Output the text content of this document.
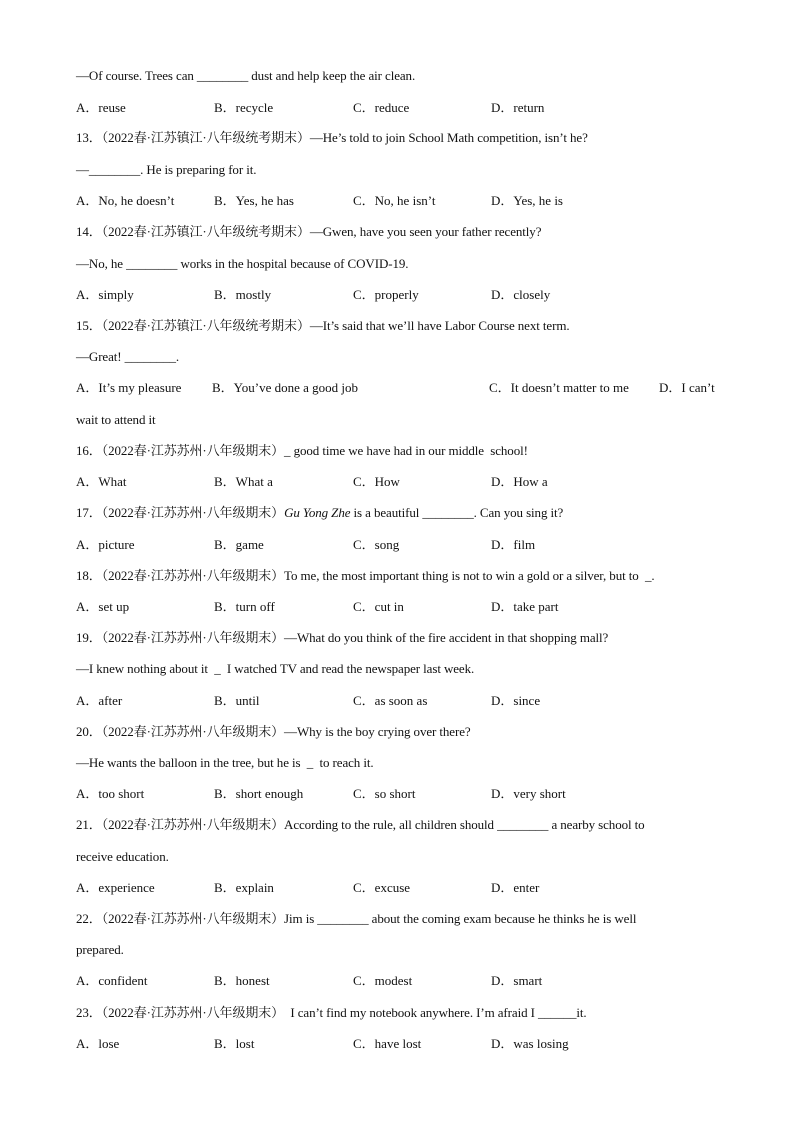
—Of course. Trees can ________ dust and help keep the air clean.
A．reuse	B．recycle	C．reduce	D．return
13．（2022春·江苏镇江·八年级统考期末）—He’s told to join School Math competition, isn’t he?
—________. He is preparing for it.
A．No, he doesn’t	B．Yes, he has	C．No, he isn’t	D．Yes, he is
14．（2022春·江苏镇江·八年级统考期末）—Gwen, have you seen your father recently?
—No, he ________ works in the hospital because of COVID-19.
A．simply	B．mostly	C．properly	D．closely
15．（2022春·江苏镇江·八年级统考期末）—It’s said that we’ll have Labor Course next term.
—Great! ________.
A．It’s my pleasure B．You’ve done a good job	C．It doesn’t matter to me D．I can’t
wait to attend it
16．（2022春·江苏苏州·八年级期末）_ good time we have had in our middle  school!
A．What	B．What a	C．How	D．How a
17．（2022春·江苏苏州·八年级期末）Gu Yong Zhe is a beautiful ________. Can you sing it?
A．picture	B．game	C．song	D．film
18．（2022春·江苏苏州·八年级期末）To me, the most important thing is not to win a gold or a silver, but to  _.
A．set up	B．turn off	C．cut in	D．take part
19．（2022春·江苏苏州·八年级期末）—What do you think of the fire accident in that shopping mall?
—I knew nothing about it  _  I watched TV and read the newspaper last week.
A．after	B．until	C．as soon as	D．since
20．（2022春·江苏苏州·八年级期末）—Why is the boy crying over there?
—He wants the balloon in the tree, but he is  _  to reach it.
A．too short	B．short enough	C．so short	D．very short
21．（2022春·江苏苏州·八年级期末）According to the rule, all children should ________ a nearby school to
receive education.
A．experience	B．explain	C．excuse	D．enter
22．（2022春·江苏苏州·八年级期末）Jim is ________ about the coming exam because he thinks he is well
prepared.
A．confident	B．honest	C．modest	D．smart
23．（2022春·江苏苏州·八年级期末）  I can’t find my notebook anywhere. I’m afraid I ______it.
A．lose	B．lost	C．have lost	D．was losing
